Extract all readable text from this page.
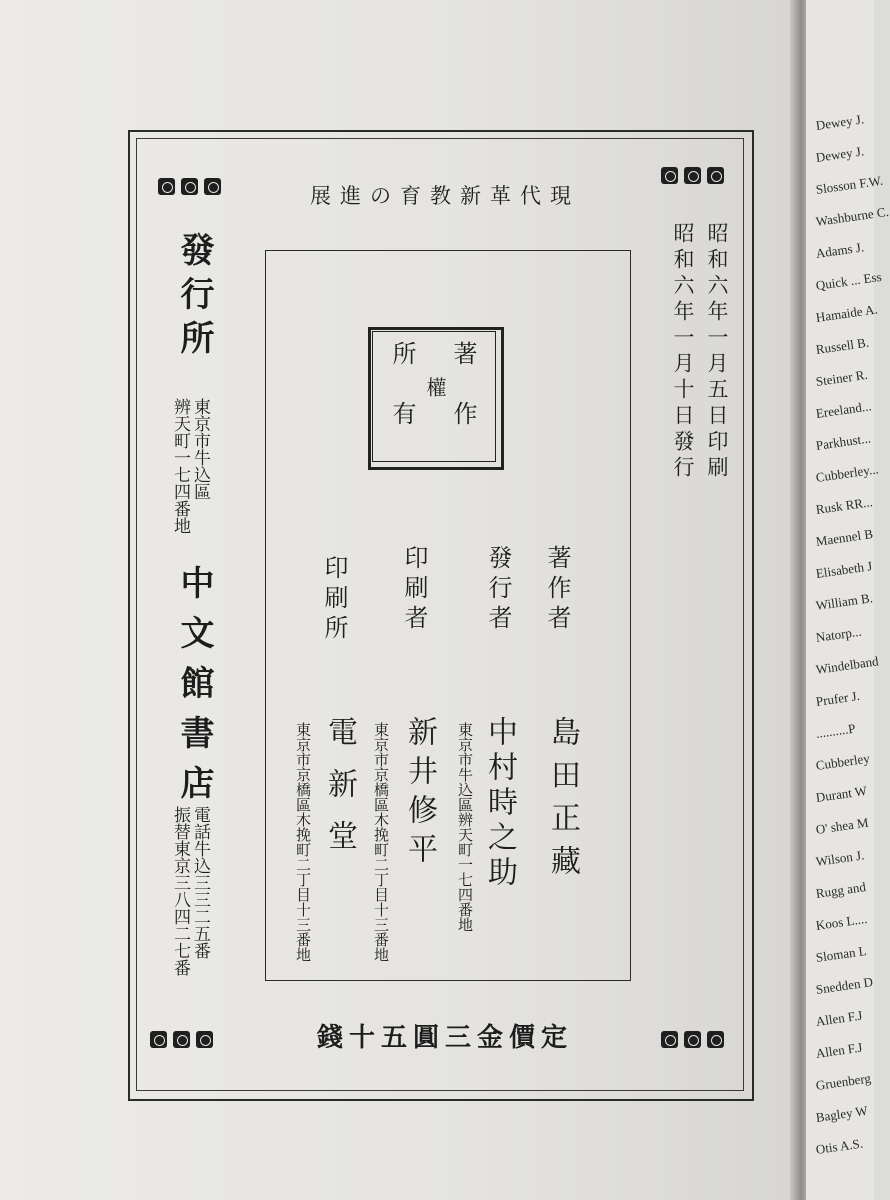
Dewey J.
Dewey J.
Slosson F.W.
Washburne C.
Adams J.
Quick ... Ess
Hamaide A.
Russell B.
Steiner R.
Ereeland...
Parkhust...
Cubberley...
Rusk RR...
Maennel B
Elisabeth J
William B.
Natorp...
Windelband
Prufer J.
..........P
Cubberley
Durant W
O' shea M
Wilson J.
Rugg and
Koos L....
Sloman L
Snedden D
Allen F.J
Allen F.J
Gruenberg
Bagley W
Otis A.S.
現代革新教育の進展
發行所
東京市牛込區
辨天町一七四番地
中文館書店
電話牛込三三二五番
振替東京三八四二七番
昭和六年一月五日印刷
昭和六年一月十日發行
著作
權
所有
著作者
發行者
印刷者
印刷所
島田正藏
中村時之助
東京市牛込區辨天町一七四番地
新井修平
東京市京橋區木挽町二丁目十三番地
電新堂
東京市京橋區木挽町二丁目十三番地
定價金三圓五十錢
